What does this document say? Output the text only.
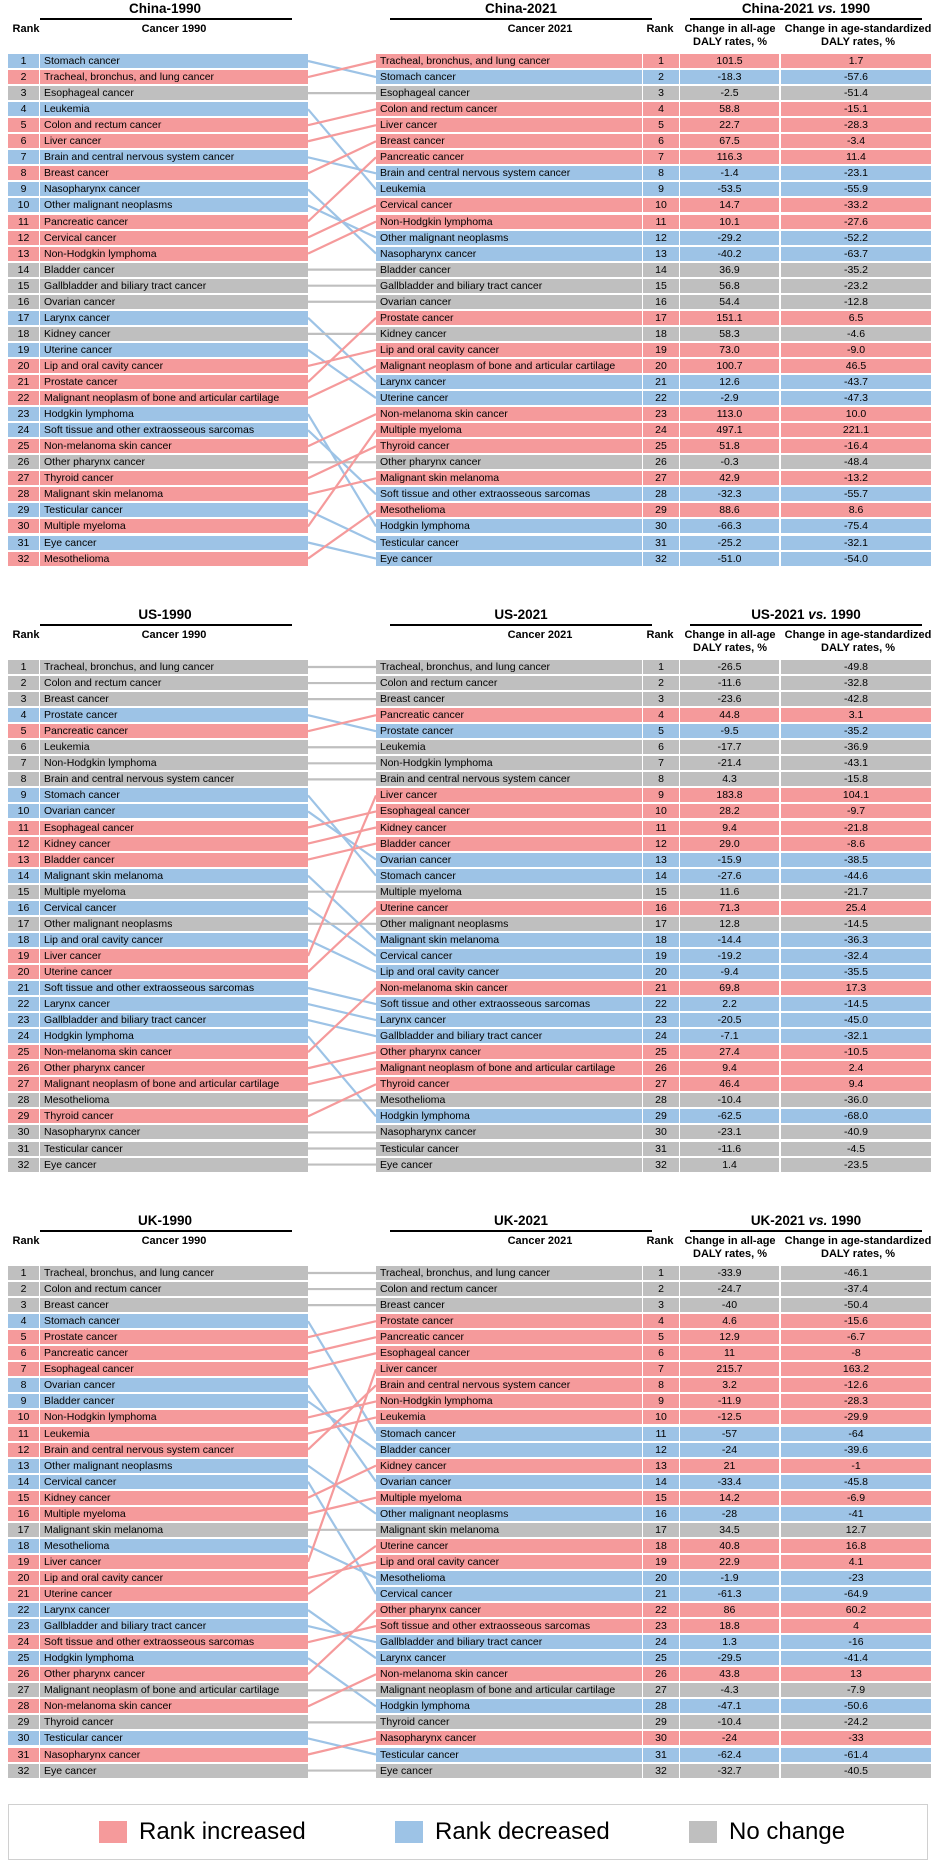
China-1990	China-2021	China-2021 vs. 1990
Rank	Cancer 1990	Cancer 2021	Rank	Change in all-age
DALY rates, %
Change in age-standardized
DALY rates, %
1	Stomach cancer
2	Tracheal, bronchus, and lung cancer
3	Esophageal cancer
4	Leukemia
5	Colon and rectum cancer
6	Liver cancer
7	Brain and central nervous system cancer
8	Breast cancer
9	Nasopharynx cancer
10	Other malignant neoplasms
11	Pancreatic cancer
12	Cervical cancer
13	Non-Hodgkin lymphoma
14	Bladder cancer
15	Gallbladder and biliary tract cancer
16	Ovarian cancer
17	Larynx cancer
18	Kidney cancer
19	Uterine cancer
20	Lip and oral cavity cancer
21	Prostate cancer
22	Malignant neoplasm of bone and articular cartilage
23	Hodgkin lymphoma
24	Soft tissue and other extraosseous sarcomas
25	Non-melanoma skin cancer
26	Other pharynx cancer
27	Thyroid cancer
28	Malignant skin melanoma
29	Testicular cancer
30	Multiple myeloma
31	Eye cancer
32	Mesothelioma
Tracheal, bronchus, and lung cancer	1	101.5	1.7
Stomach cancer	2	-18.3	-57.6
Esophageal cancer	3	-2.5	-51.4
Colon and rectum cancer	4	58.8	-15.1
Liver cancer	5	22.7	-28.3
Breast cancer	6	67.5	-3.4
Pancreatic cancer	7	116.3	11.4
Brain and central nervous system cancer	8	-1.4	-23.1
Leukemia	9	-53.5	-55.9
Cervical cancer	10	14.7	-33.2
Non-Hodgkin lymphoma	11	10.1	-27.6
Other malignant neoplasms	12	-29.2	-52.2
Nasopharynx cancer	13	-40.2	-63.7
Bladder cancer	14	36.9	-35.2
Gallbladder and biliary tract cancer	15	56.8	-23.2
Ovarian cancer	16	54.4	-12.8
Prostate cancer	17	151.1	6.5
Kidney cancer	18	58.3	-4.6
Lip and oral cavity cancer	19	73.0	-9.0
Malignant neoplasm of bone and articular cartilage	20	100.7	46.5
Larynx cancer	21	12.6	-43.7
Uterine cancer	22	-2.9	-47.3
Non-melanoma skin cancer	23	113.0	10.0
Multiple myeloma	24	497.1	221.1
Thyroid cancer	25	51.8	-16.4
Other pharynx cancer	26	-0.3	-48.4
Malignant skin melanoma	27	42.9	-13.2
Soft tissue and other extraosseous sarcomas	28	-32.3	-55.7
Mesothelioma	29	88.6	8.6
Hodgkin lymphoma	30	-66.3	-75.4
Testicular cancer	31	-25.2	-32.1
Eye cancer	32	-51.0	-54.0
US-1990	US-2021	US-2021 vs. 1990
Rank	Cancer 1990	Cancer 2021	Rank	Change in all-age
DALY rates, %
Change in age-standardized
DALY rates, %
1	Tracheal, bronchus, and lung cancer
2	Colon and rectum cancer
3	Breast cancer
4	Prostate cancer
5	Pancreatic cancer
6	Leukemia
7	Non-Hodgkin lymphoma
8	Brain and central nervous system cancer
9	Stomach cancer
10	Ovarian cancer
11	Esophageal cancer
12	Kidney cancer
13	Bladder cancer
14	Malignant skin melanoma
15	Multiple myeloma
16	Cervical cancer
17	Other malignant neoplasms
18	Lip and oral cavity cancer
19	Liver cancer
20	Uterine cancer
21	Soft tissue and other extraosseous sarcomas
22	Larynx cancer
23	Gallbladder and biliary tract cancer
24	Hodgkin lymphoma
25	Non-melanoma skin cancer
26	Other pharynx cancer
27	Malignant neoplasm of bone and articular cartilage
28	Mesothelioma
29	Thyroid cancer
30	Nasopharynx cancer
31	Testicular cancer
32	Eye cancer
Tracheal, bronchus, and lung cancer	1	-26.5	-49.8
Colon and rectum cancer	2	-11.6	-32.8
Breast cancer	3	-23.6	-42.8
Pancreatic cancer	4	44.8	3.1
Prostate cancer	5	-9.5	-35.2
Leukemia	6	-17.7	-36.9
Non-Hodgkin lymphoma	7	-21.4	-43.1
Brain and central nervous system cancer	8	4.3	-15.8
Liver cancer	9	183.8	104.1
Esophageal cancer	10	28.2	-9.7
Kidney cancer	11	9.4	-21.8
Bladder cancer	12	29.0	-8.6
Ovarian cancer	13	-15.9	-38.5
Stomach cancer	14	-27.6	-44.6
Multiple myeloma	15	11.6	-21.7
Uterine cancer	16	71.3	25.4
Other malignant neoplasms	17	12.8	-14.5
Malignant skin melanoma	18	-14.4	-36.3
Cervical cancer	19	-19.2	-32.4
Lip and oral cavity cancer	20	-9.4	-35.5
Non-melanoma skin cancer	21	69.8	17.3
Soft tissue and other extraosseous sarcomas	22	2.2	-14.5
Larynx cancer	23	-20.5	-45.0
Gallbladder and biliary tract cancer	24	-7.1	-32.1
Other pharynx cancer	25	27.4	-10.5
Malignant neoplasm of bone and articular cartilage	26	9.4	2.4
Thyroid cancer	27	46.4	9.4
Mesothelioma	28	-10.4	-36.0
Hodgkin lymphoma	29	-62.5	-68.0
Nasopharynx cancer	30	-23.1	-40.9
Testicular cancer	31	-11.6	-4.5
Eye cancer	32	1.4	-23.5
UK-1990	UK-2021	UK-2021 vs. 1990
Rank	Cancer 1990	Cancer 2021	Rank	Change in all-age
DALY rates, %
Change in age-standardized
DALY rates, %
1	Tracheal, bronchus, and lung cancer
2	Colon and rectum cancer
3	Breast cancer
4	Stomach cancer
5	Prostate cancer
6	Pancreatic cancer
7	Esophageal cancer
8	Ovarian cancer
9	Bladder cancer
10	Non-Hodgkin lymphoma
11	Leukemia
12	Brain and central nervous system cancer
13	Other malignant neoplasms
14	Cervical cancer
15	Kidney cancer
16	Multiple myeloma
17	Malignant skin melanoma
18	Mesothelioma
19	Liver cancer
20	Lip and oral cavity cancer
21	Uterine cancer
22	Larynx cancer
23	Gallbladder and biliary tract cancer
24	Soft tissue and other extraosseous sarcomas
25	Hodgkin lymphoma
26	Other pharynx cancer
27	Malignant neoplasm of bone and articular cartilage
28	Non-melanoma skin cancer
29	Thyroid cancer
30	Testicular cancer
31	Nasopharynx cancer
32	Eye cancer
Tracheal, bronchus, and lung cancer	1	-33.9	-46.1
Colon and rectum cancer	2	-24.7	-37.4
Breast cancer	3	-40	-50.4
Prostate cancer	4	4.6	-15.6
Pancreatic cancer	5	12.9	-6.7
Esophageal cancer	6	11	-8
Liver cancer	7	215.7	163.2
Brain and central nervous system cancer	8	3.2	-12.6
Non-Hodgkin lymphoma	9	-11.9	-28.3
Leukemia	10	-12.5	-29.9
Stomach cancer	11	-57	-64
Bladder cancer	12	-24	-39.6
Kidney cancer	13	21	-1
Ovarian cancer	14	-33.4	-45.8
Multiple myeloma	15	14.2	-6.9
Other malignant neoplasms	16	-28	-41
Malignant skin melanoma	17	34.5	12.7
Uterine cancer	18	40.8	16.8
Lip and oral cavity cancer	19	22.9	4.1
Mesothelioma	20	-1.9	-23
Cervical cancer	21	-61.3	-64.9
Other pharynx cancer	22	86	60.2
Soft tissue and other extraosseous sarcomas	23	18.8	4
Gallbladder and biliary tract cancer	24	1.3	-16
Larynx cancer	25	-29.5	-41.4
Non-melanoma skin cancer	26	43.8	13
Malignant neoplasm of bone and articular cartilage	27	-4.3	-7.9
Hodgkin lymphoma	28	-47.1	-50.6
Thyroid cancer	29	-10.4	-24.2
Nasopharynx cancer	30	-24	-33
Testicular cancer	31	-62.4	-61.4
Eye cancer	32	-32.7	-40.5
Rank increased	Rank decreased	No change
